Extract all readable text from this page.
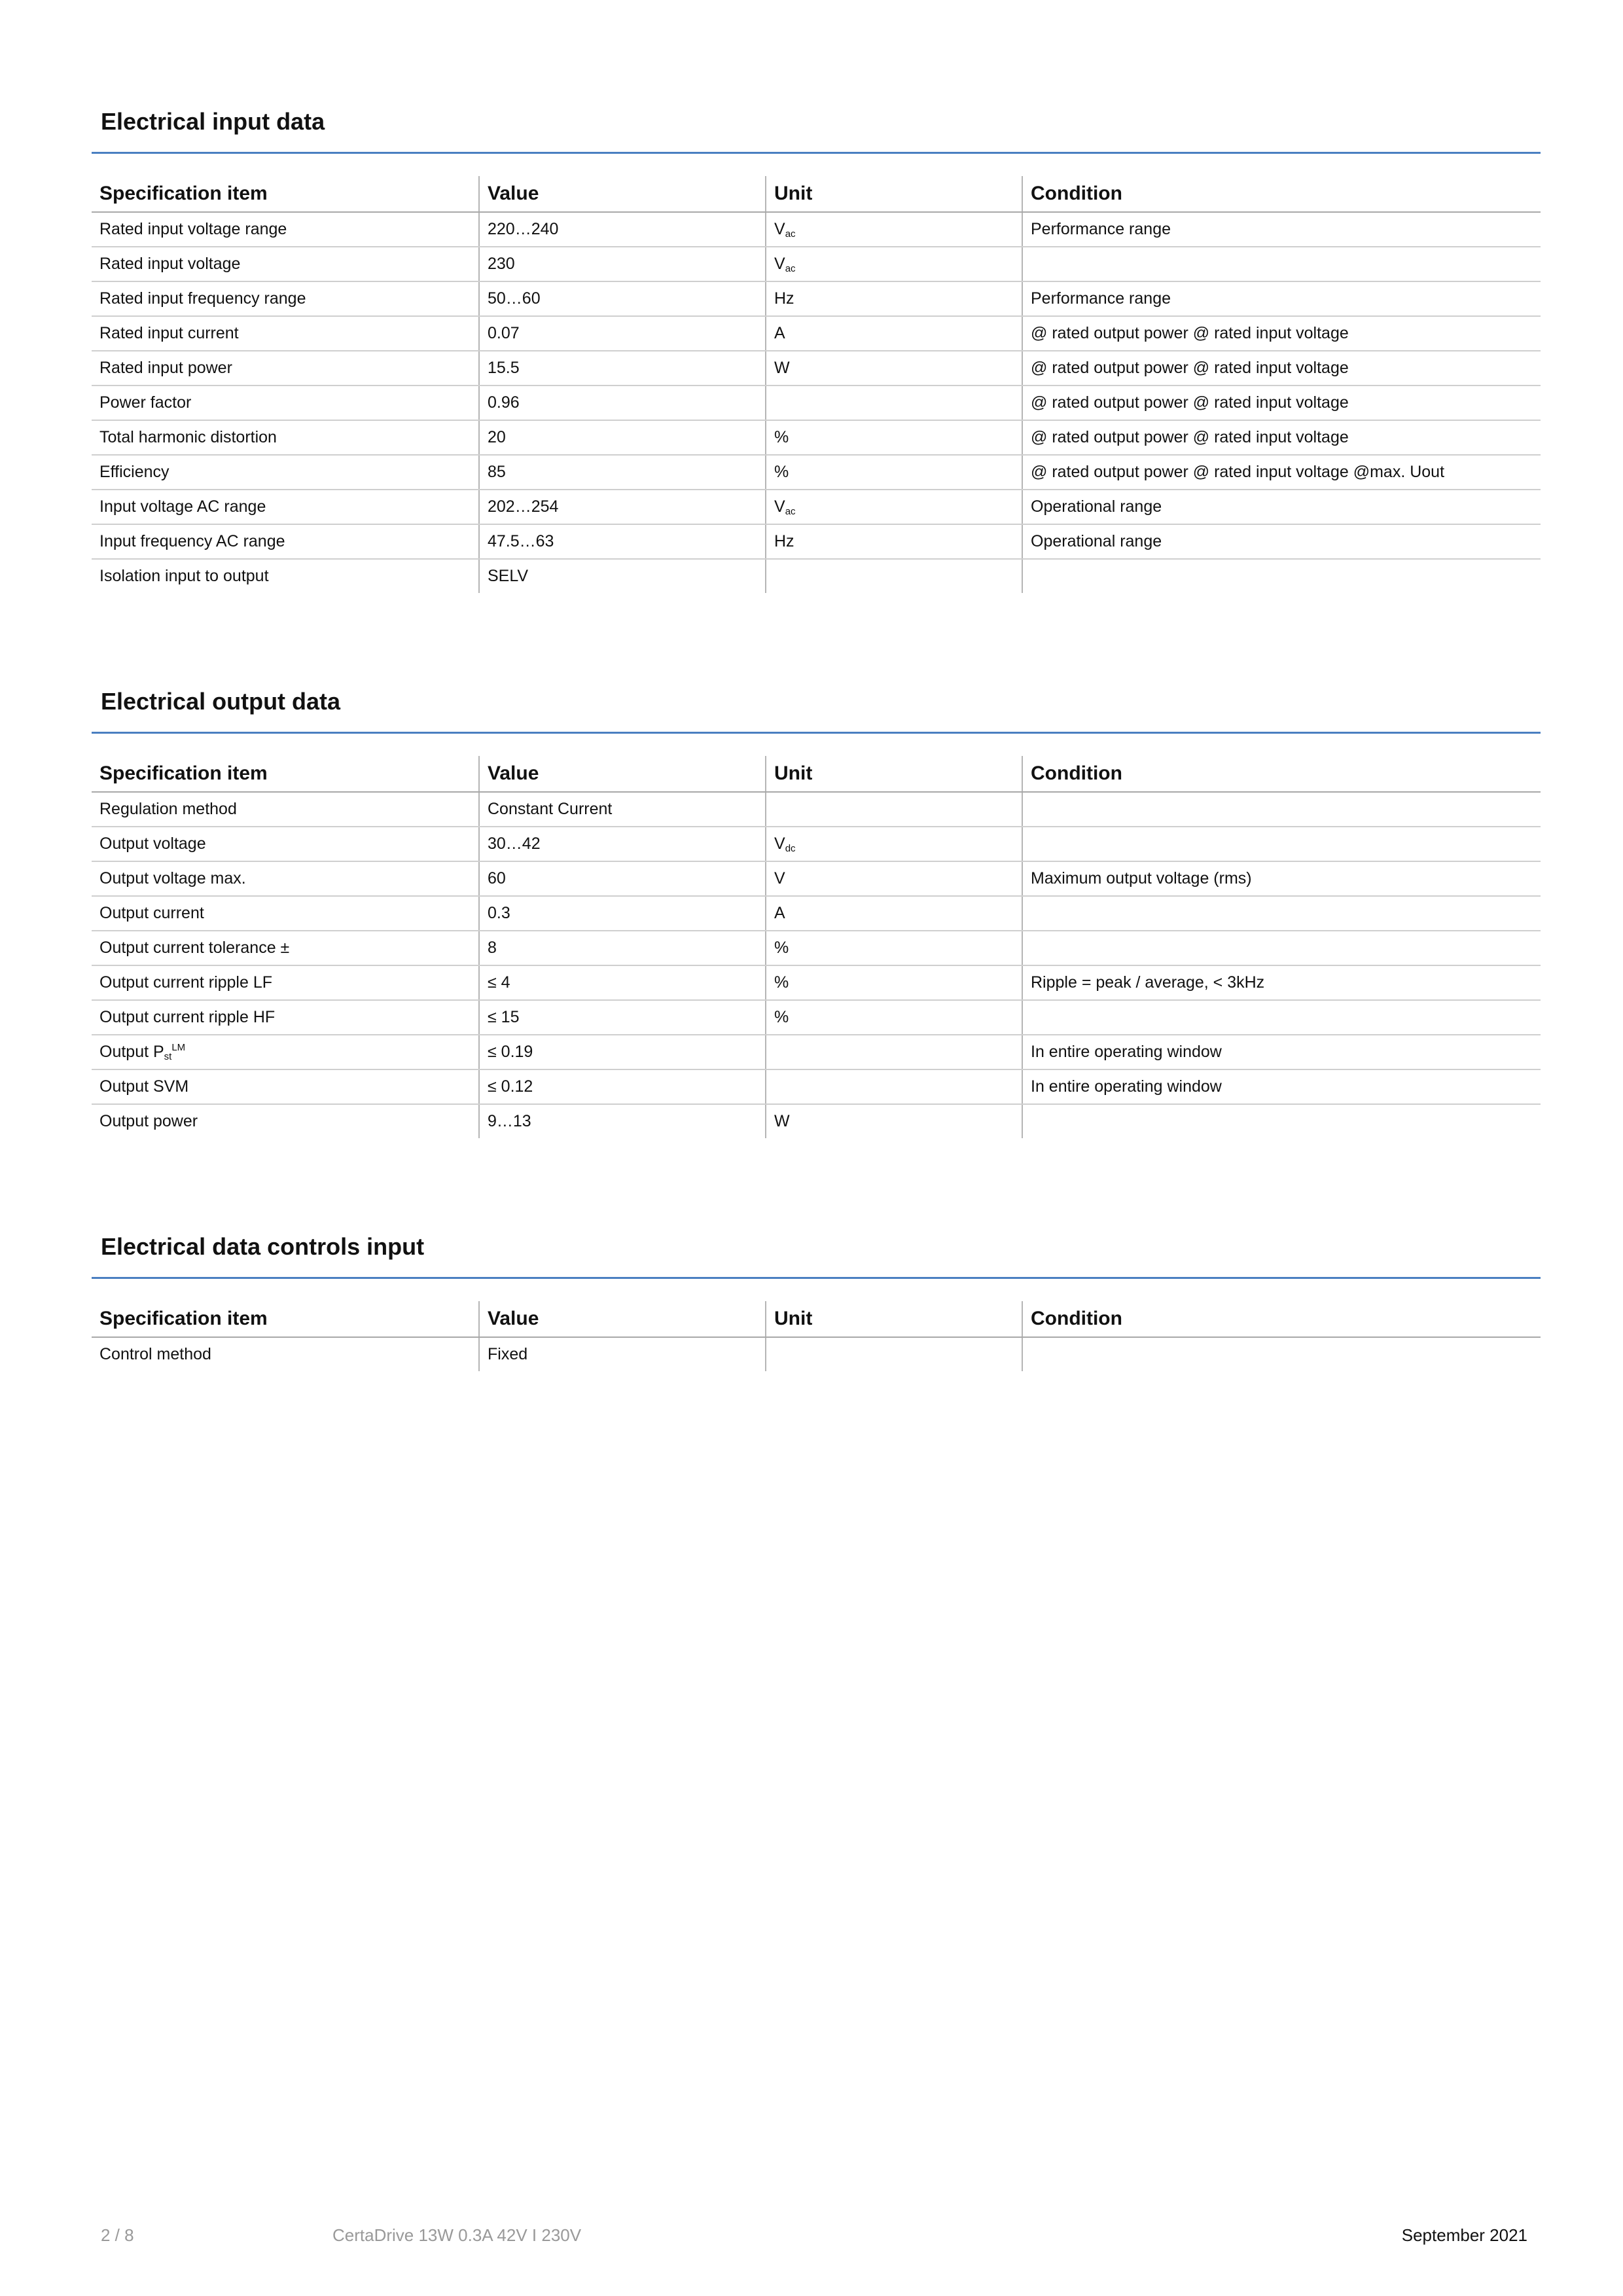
Electrical input data
Specification item	Value	Unit	Condition
Rated input voltage range	220…240	$V_{ac}$	Performance range
Rated input voltage	230	$V_{ac}$	
Rated input frequency range	50…60	Hz	Performance range
Rated input current	0.07	A	@ rated output power @ rated input voltage
Rated input power	15.5	W	@ rated output power @ rated input voltage
Power factor	0.96		@ rated output power @ rated input voltage
Total harmonic distortion	20	%	@ rated output power @ rated input voltage
Efficiency	85	%	@ rated output power @ rated input voltage @max. Uout
Input voltage AC range	202…254	$V_{ac}$	Operational range
Input frequency AC range	47.5…63	Hz	Operational range
Isolation input to output	SELV		
Electrical output data
Specification item	Value	Unit	Condition
Regulation method	Constant Current		
Output voltage	30…42	$V_{dc}$	
Output voltage max.	60	V	Maximum output voltage (rms)
Output current	0.3	A	
Output current tolerance ±	8	%	
Output current ripple LF	≤ 4	%	Ripple = peak / average, < 3kHz
Output current ripple HF	≤ 15	%	
Output $P_{st}^{LM}$	≤ 0.19		In entire operating window
Output SVM	≤ 0.12		In entire operating window
Output power	9…13	W	
Electrical data controls input
Specification item	Value	Unit	Condition
Control method	Fixed		
2 / 8	CertaDrive 13W 0.3A 42V I 230V	September 2021
